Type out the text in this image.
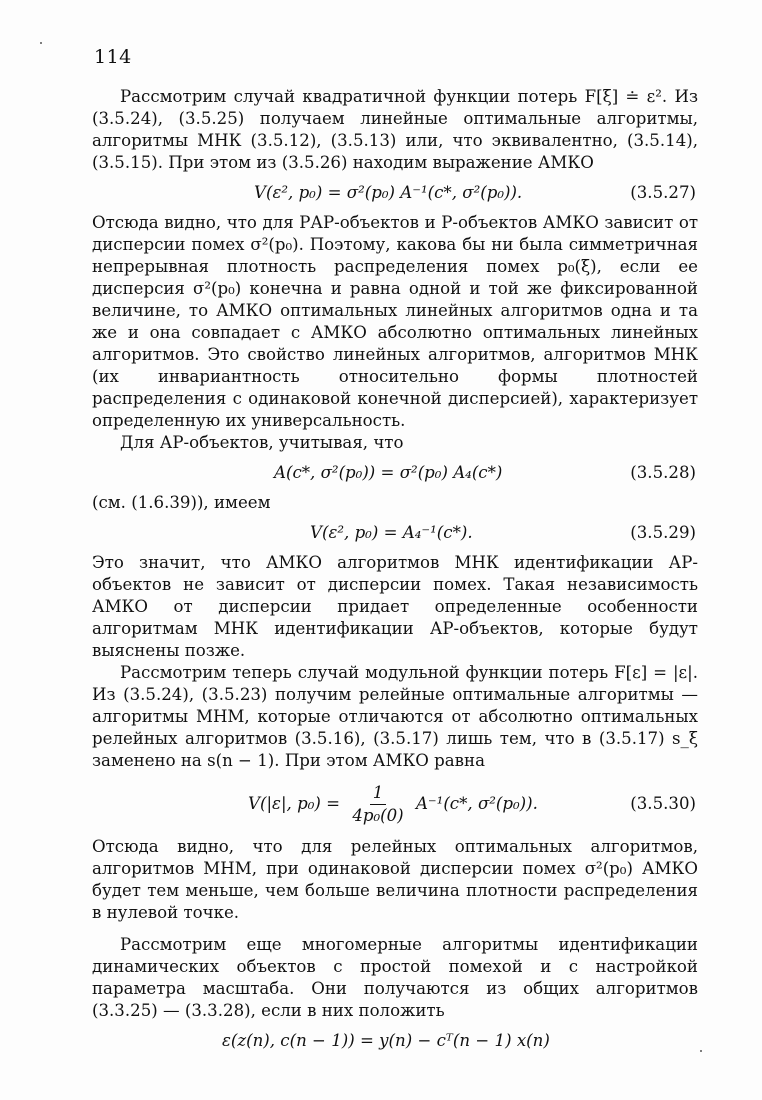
114

Рассмотрим случай квадратичной функции потерь F[ξ] ≐ ε². Из (3.5.24), (3.5.25) получаем линейные оптимальные алгоритмы, алгоритмы МНК (3.5.12), (3.5.13) или, что эквивалентно, (3.5.14), (3.5.15). При этом из (3.5.26) находим выражение АМКО

V(ε², p₀) = σ²(p₀) A⁻¹(c*, σ²(p₀)).	(3.5.27)

Отсюда видно, что для РАР-объектов и Р-объектов АМКО зависит от дисперсии помех σ²(p₀). Поэтому, какова бы ни была симметричная непрерывная плотность распределения помех p₀(ξ), если ее дисперсия σ²(p₀) конечна и равна одной и той же фиксированной величине, то АМКО оптимальных линейных алгоритмов одна и та же и она совпадает с АМКО абсолютно оптимальных линейных алгоритмов. Это свойство линейных алгоритмов, алгоритмов МНК (их инвариантность относительно формы плотностей распределения с одинаковой конечной дисперсией), характеризует определенную их универсальность.

Для АР-объектов, учитывая, что

A(c*, σ²(p₀)) = σ²(p₀) A₄(c*)	(3.5.28)

(см. (1.6.39)), имеем

V(ε², p₀) = A₄⁻¹(c*).	(3.5.29)

Это значит, что АМКО алгоритмов МНК идентификации АР-объектов не зависит от дисперсии помех. Такая независимость АМКО от дисперсии придает определенные особенности алгоритмам МНК идентификации АР-объектов, которые будут выяснены позже.

Рассмотрим теперь случай модульной функции потерь F[ε] = |ε|. Из (3.5.24), (3.5.23) получим релейные оптимальные алгоритмы — алгоритмы МНМ, которые отличаются от абсолютно оптимальных релейных алгоритмов (3.5.16), (3.5.17) лишь тем, что в (3.5.17) s_ξ заменено на s(n − 1). При этом АМКО равна

V(|ε|, $p_0) = \frac{1}{\text{4p₀(0)}} A^{-1}(c*$, σ²(p₀)).	(3.5.30)

Отсюда видно, что для релейных оптимальных алгоритмов, алгоритмов МНМ, при одинаковой дисперсии помех σ²(p₀) АМКО будет тем меньше, чем больше величина плотности распределения в нулевой точке.

Рассмотрим еще многомерные алгоритмы идентификации динамических объектов с простой помехой и с настройкой параметра масштаба. Они получаются из общих алгоритмов (3.3.25) — (3.3.28), если в них положить

ε(z(n), c(n − 1)) = y(n) − cᵀ(n − 1) x(n)
